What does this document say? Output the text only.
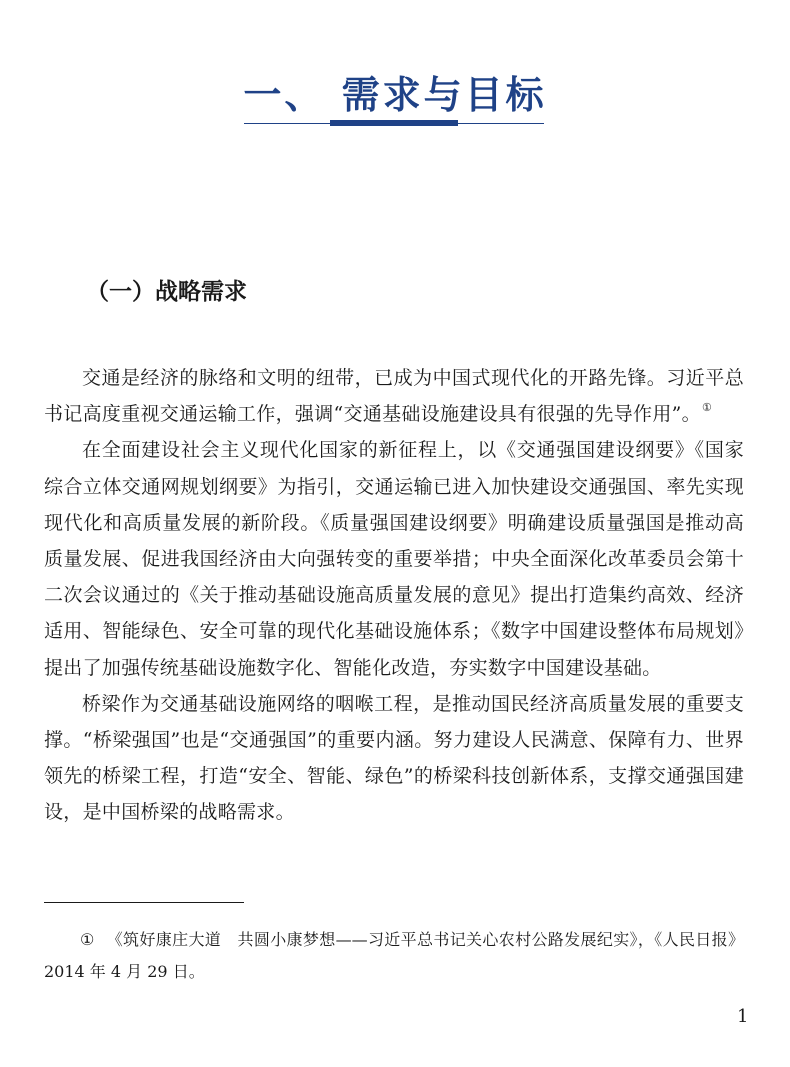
一、 需求与目标
（一）战略需求

交通是经济的脉络和文明的纽带，已成为中国式现代化的开路先锋。习近平总书记高度重视交通运输工作，强调“交通基础设施建设具有很强的先导作用”。①

在全面建设社会主义现代化国家的新征程上，以《交通强国建设纲要》《国家综合立体交通网规划纲要》为指引，交通运输已进入加快建设交通强国、率先实现现代化和高质量发展的新阶段。《质量强国建设纲要》明确建设质量强国是推动高质量发展、促进我国经济由大向强转变的重要举措；中央全面深化改革委员会第十二次会议通过的《关于推动基础设施高质量发展的意见》提出打造集约高效、经济适用、智能绿色、安全可靠的现代化基础设施体系；《数字中国建设整体布局规划》提出了加强传统基础设施数字化、智能化改造，夯实数字中国建设基础。

桥梁作为交通基础设施网络的咽喉工程，是推动国民经济高质量发展的重要支撑。“桥梁强国”也是“交通强国”的重要内涵。努力建设人民满意、保障有力、世界领先的桥梁工程，打造“安全、智能、绿色”的桥梁科技创新体系，支撑交通强国建设，是中国桥梁的战略需求。

① 《筑好康庄大道　共圆小康梦想——习近平总书记关心农村公路发展纪实》，《人民日报》2014 年 4 月 29 日。
1
